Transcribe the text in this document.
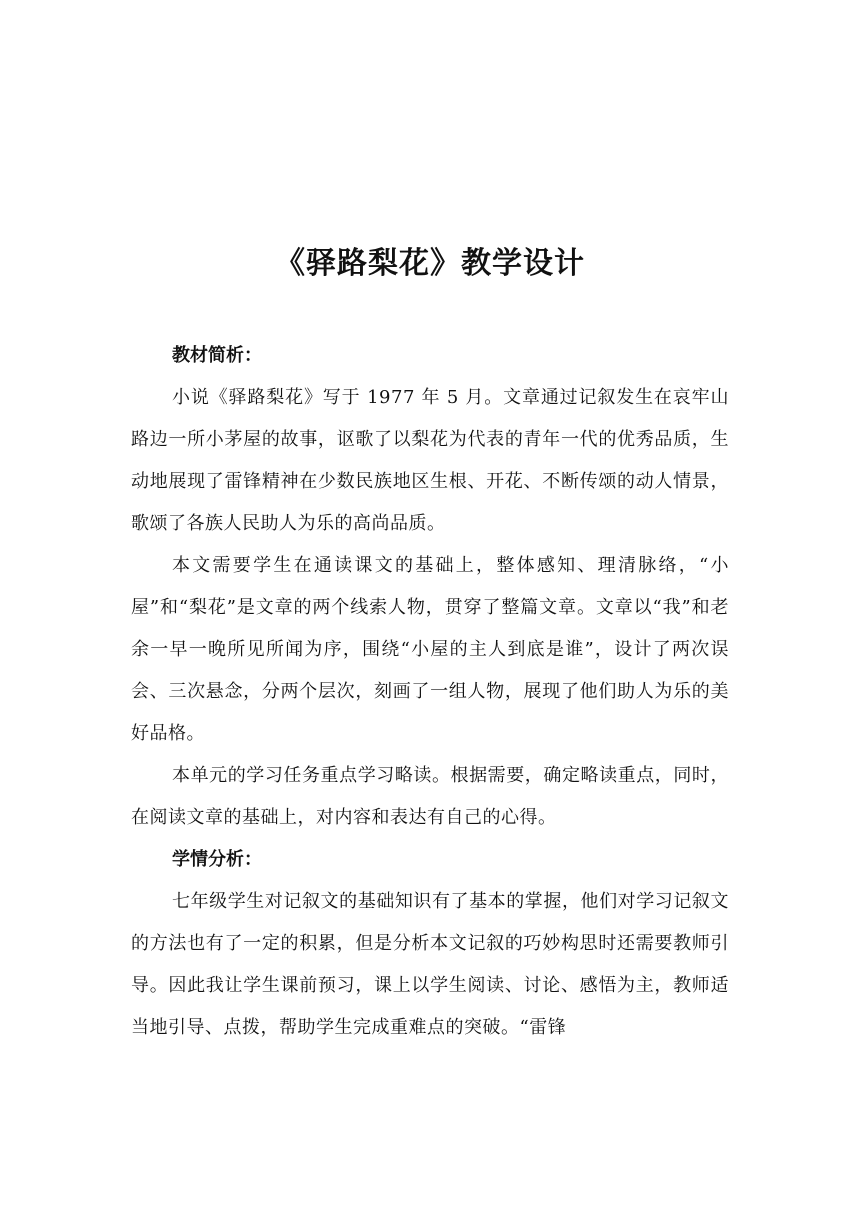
《驿路梨花》教学设计

教材简析：

小说《驿路梨花》写于 1977 年 5 月。文章通过记叙发生在哀牢山路边一所小茅屋的故事，讴歌了以梨花为代表的青年一代的优秀品质，生动地展现了雷锋精神在少数民族地区生根、开花、不断传颂的动人情景，歌颂了各族人民助人为乐的高尚品质。

本文需要学生在通读课文的基础上，整体感知、理清脉络，“小屋”和“梨花”是文章的两个线索人物，贯穿了整篇文章。文章以“我”和老余一早一晚所见所闻为序，围绕“小屋的主人到底是谁”，设计了两次误会、三次悬念，分两个层次，刻画了一组人物，展现了他们助人为乐的美好品格。

本单元的学习任务重点学习略读。根据需要，确定略读重点，同时，在阅读文章的基础上，对内容和表达有自己的心得。

学情分析：

七年级学生对记叙文的基础知识有了基本的掌握，他们对学习记叙文的方法也有了一定的积累，但是分析本文记叙的巧妙构思时还需要教师引导。因此我让学生课前预习，课上以学生阅读、讨论、感悟为主，教师适当地引导、点拨，帮助学生完成重难点的突破。“雷锋
